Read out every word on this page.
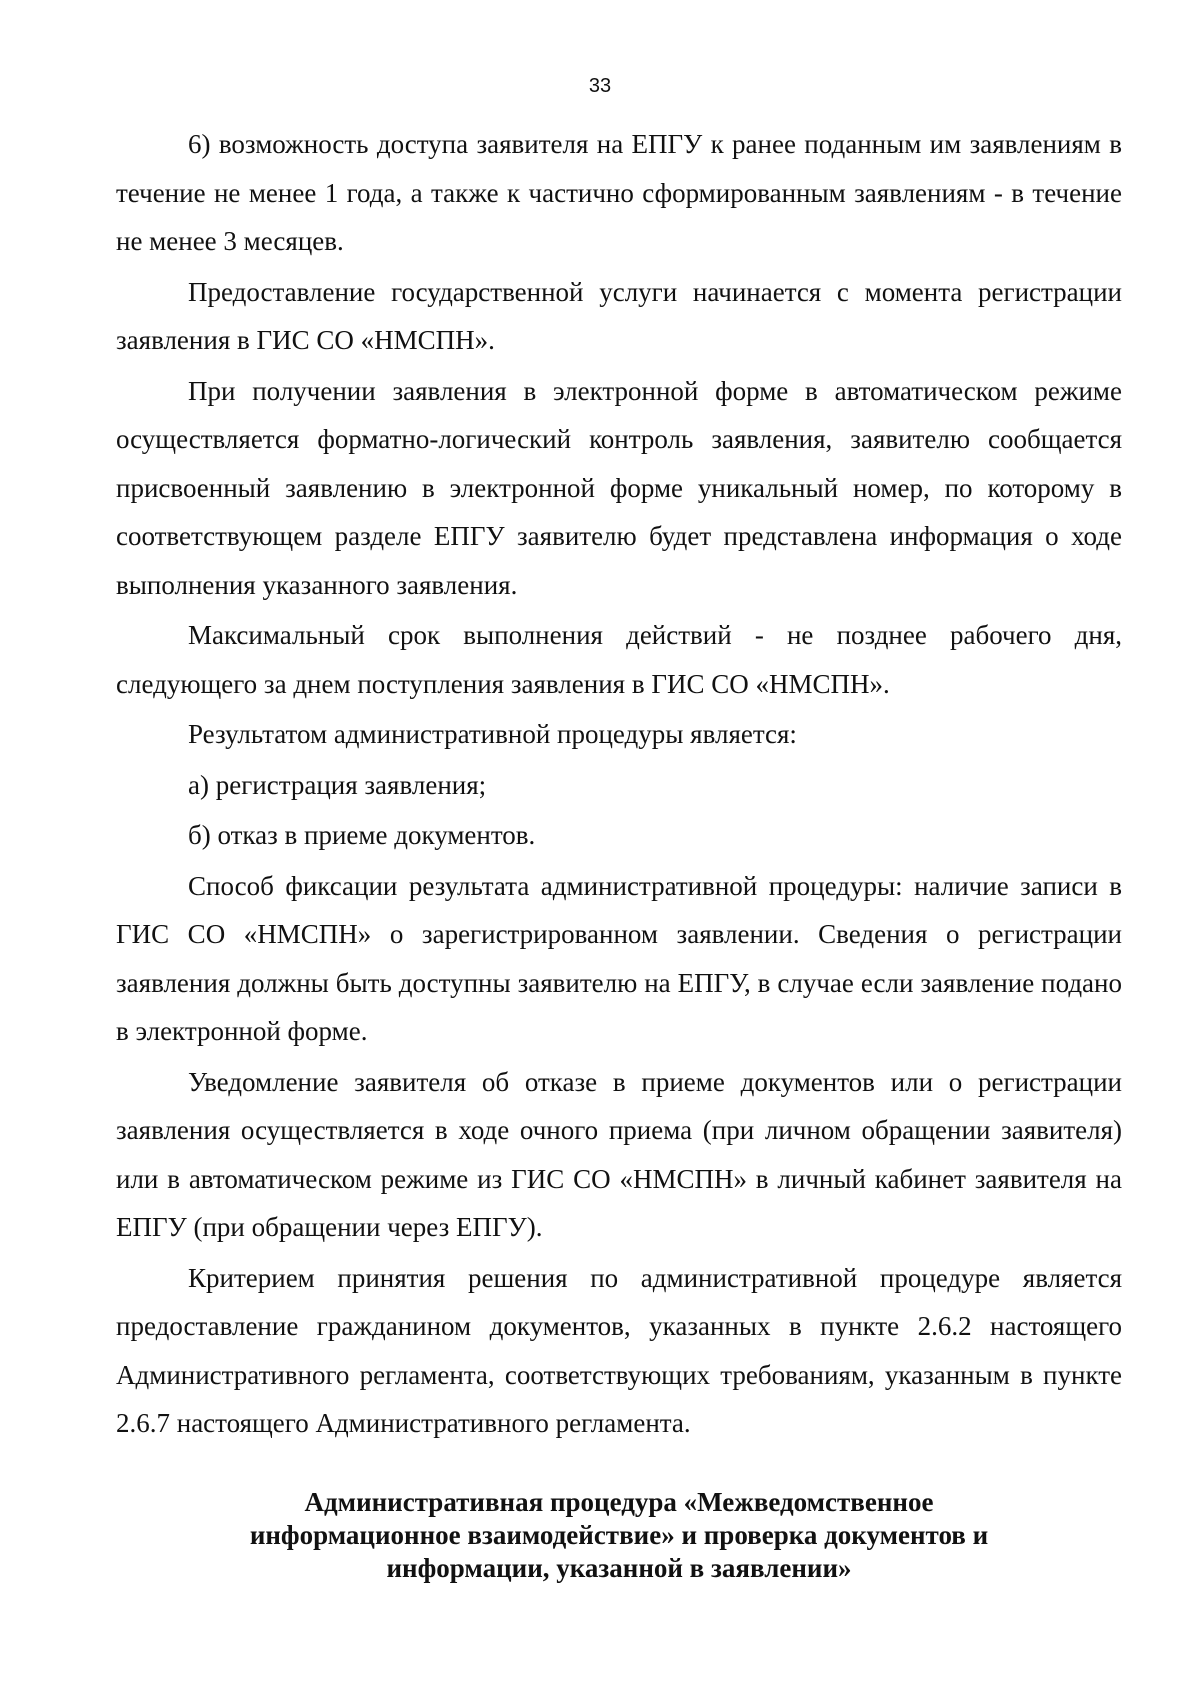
33

6) возможность доступа заявителя на ЕПГУ к ранее поданным им заявлениям в течение не менее 1 года, а также к частично сформированным заявлениям - в течение не менее 3 месяцев.

Предоставление государственной услуги начинается с момента регистрации заявления в ГИС СО «НМСПН».

При получении заявления в электронной форме в автоматическом режиме осуществляется форматно-логический контроль заявления, заявителю сообщается присвоенный заявлению в электронной форме уникальный номер, по которому в соответствующем разделе ЕПГУ заявителю будет представлена информация о ходе выполнения указанного заявления.

Максимальный срок выполнения действий - не позднее рабочего дня, следующего за днем поступления заявления в ГИС СО «НМСПН».

Результатом административной процедуры является:

а) регистрация заявления;

б) отказ в приеме документов.

Способ фиксации результата административной процедуры: наличие записи в ГИС СО «НМСПН» о зарегистрированном заявлении. Сведения о регистрации заявления должны быть доступны заявителю на ЕПГУ, в случае если заявление подано в электронной форме.

Уведомление заявителя об отказе в приеме документов или о регистрации заявления осуществляется в ходе очного приема (при личном обращении заявителя) или в автоматическом режиме из ГИС СО «НМСПН» в личный кабинет заявителя на ЕПГУ (при обращении через ЕПГУ).

Критерием принятия решения по административной процедуре является предоставление гражданином документов, указанных в пункте 2.6.2 настоящего Административного регламента, соответствующих требованиям, указанным в пункте 2.6.7 настоящего Административного регламента.

Административная процедура «Межведомственное
информационное взаимодействие» и проверка документов и
информации, указанной в заявлении»
